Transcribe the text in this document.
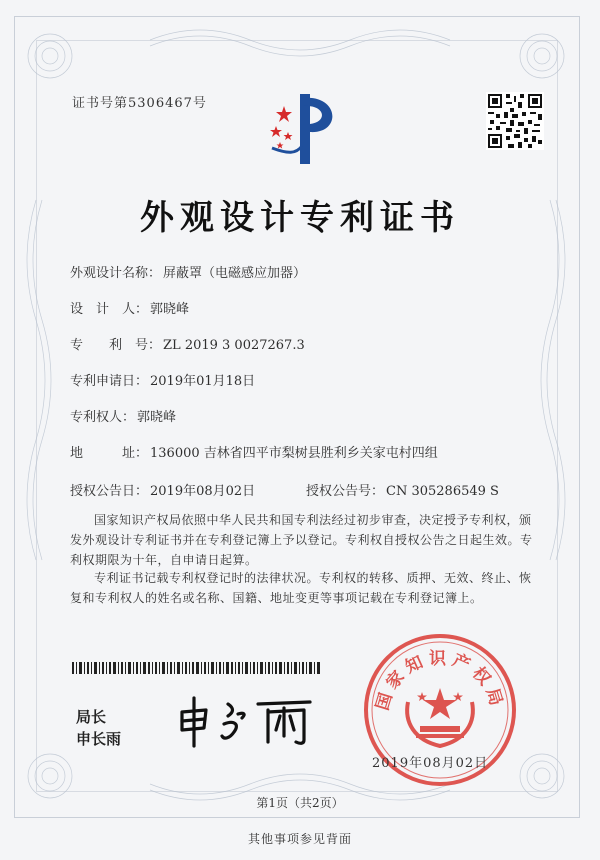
证书号第5306467号
外观设计专利证书
外观设计名称： 屏蔽罩（电磁感应加器）
设　计　人： 郭晓峰
专　　利　号： ZL 2019 3 0027267.3
专利申请日： 2019年01月18日
专利权人： 郭晓峰
地　　　址： 136000 吉林省四平市梨树县胜利乡关家屯村四组
授权公告日： 2019年08月02日	授权公告号： CN 305286549 S
国家知识产权局依照中华人民共和国专利法经过初步审查，决定授予专利权，颁发外观设计专利证书并在专利登记簿上予以登记。专利权自授权公告之日起生效。专利权期限为十年，自申请日起算。
专利证书记载专利权登记时的法律状况。专利权的转移、质押、无效、终止、恢复和专利权人的姓名或名称、国籍、地址变更等事项记载在专利登记簿上。
局长
申长雨
国家知识产权局
2019年08月02日
第1页（共2页）
其他事项参见背面
